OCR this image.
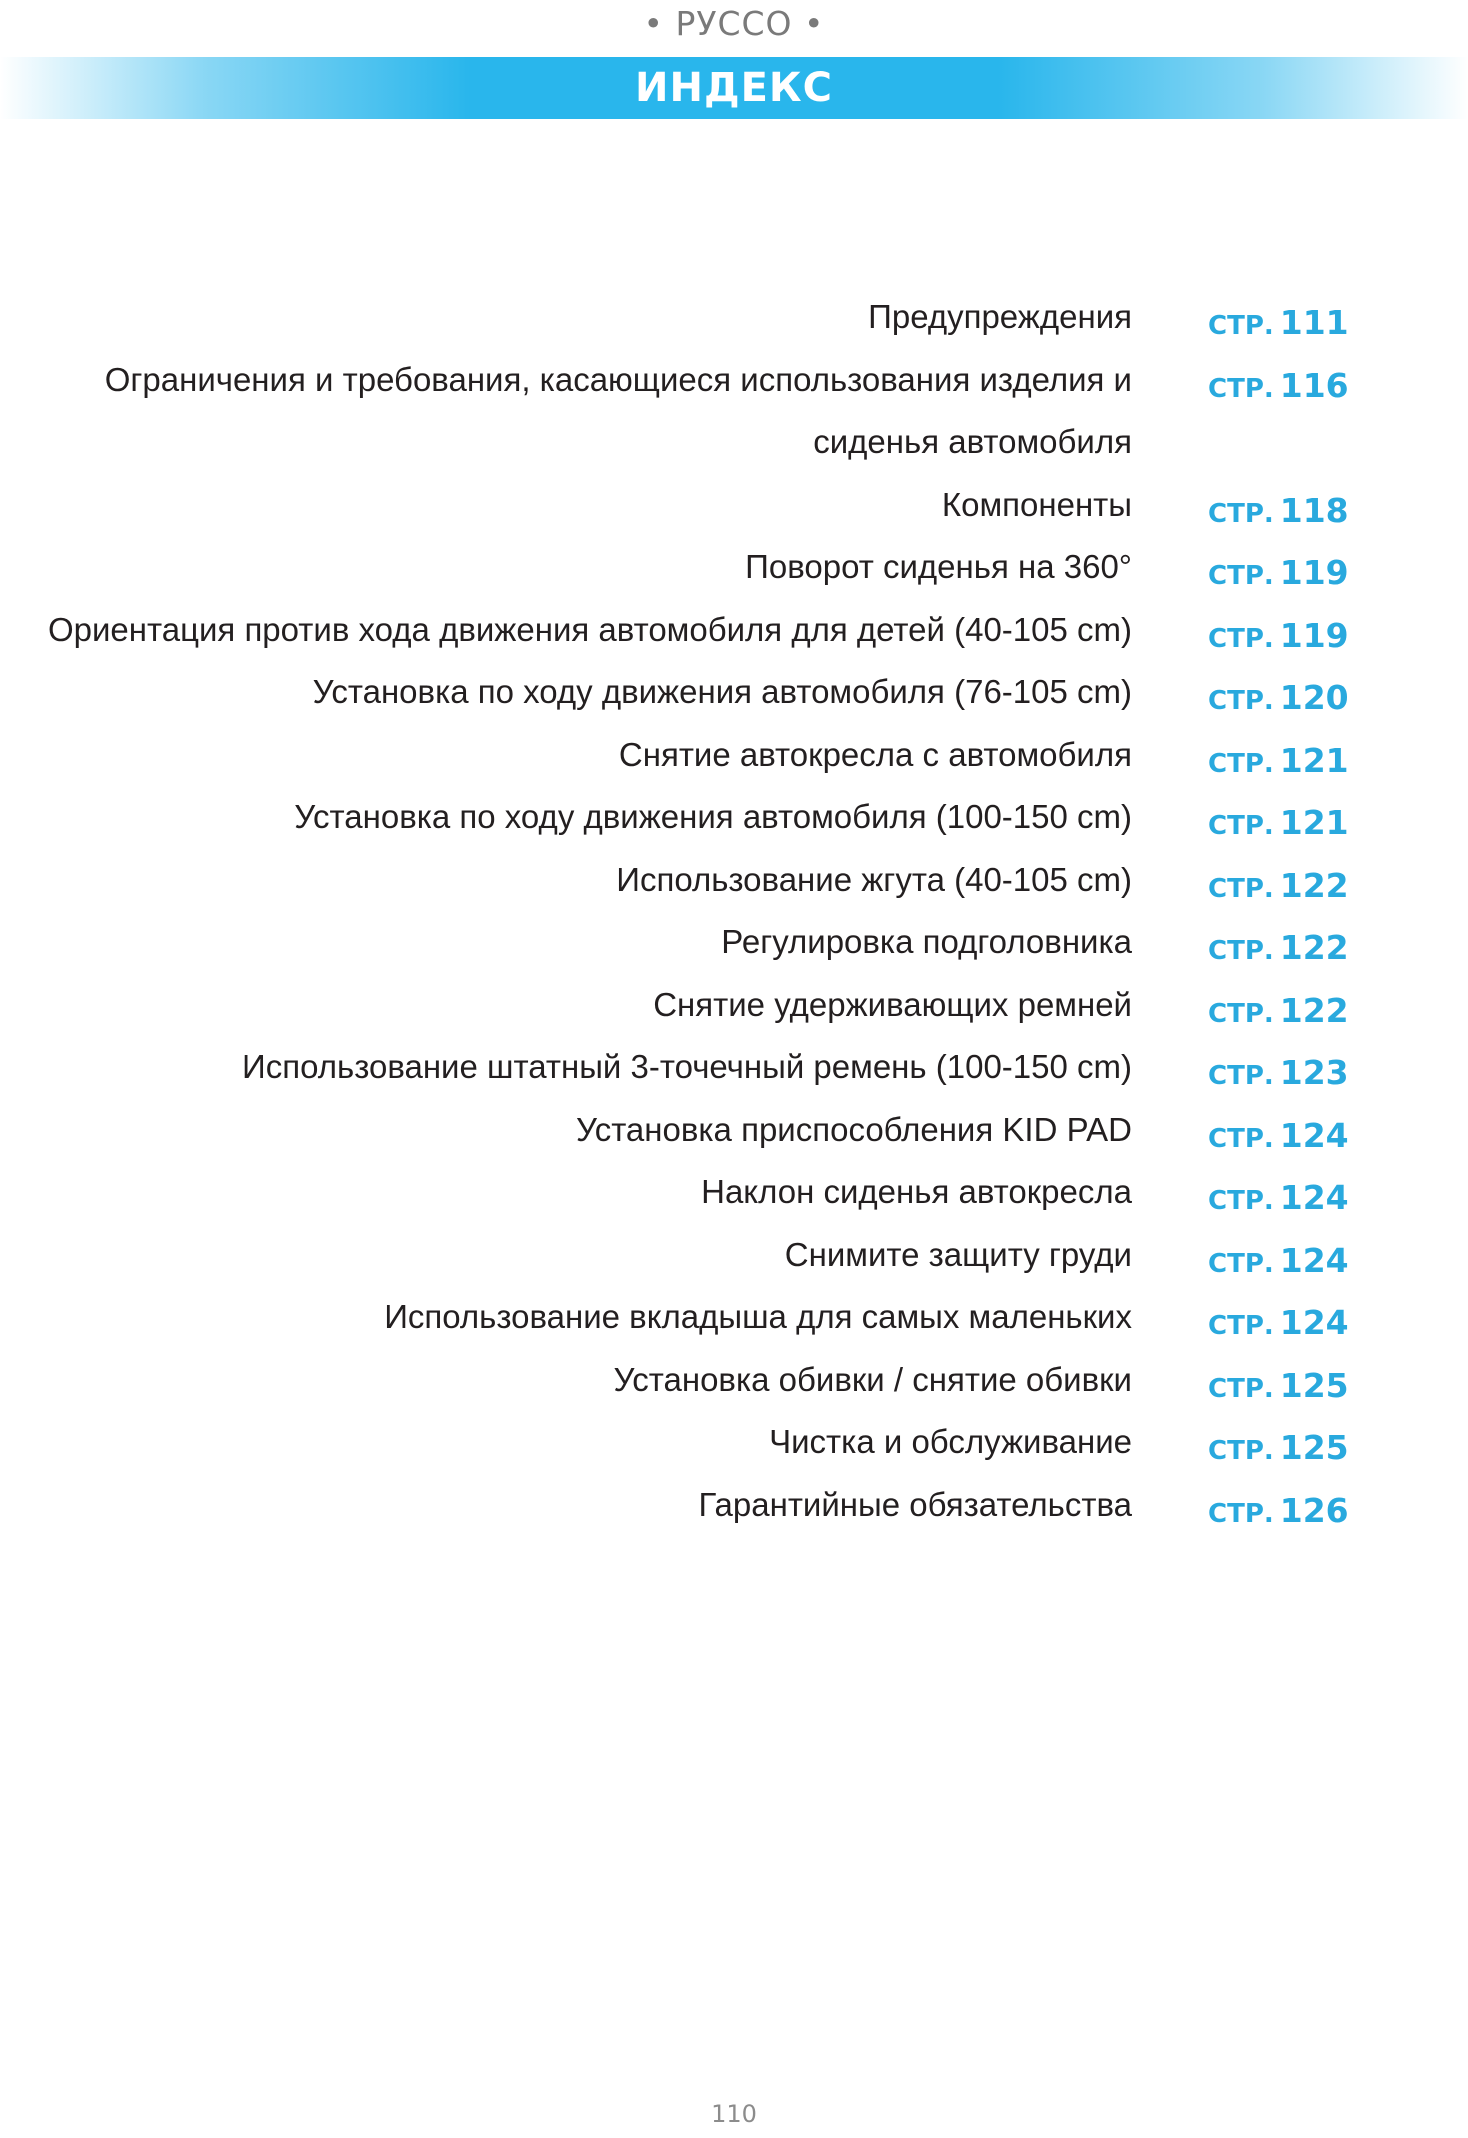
• РУССО •
ИНДЕКС
Предупреждения	СТР. 111
Ограничения и требования, касающиеся использования изделия и	СТР. 116
сиденья автомобиля
Компоненты	СТР. 118
Поворот сиденья на 360°	СТР. 119
Ориентация против хода движения автомобиля для детей (40-105 cm)	СТР. 119
Установка по ходу движения автомобиля (76-105 cm)	СТР. 120
Снятие автокресла с автомобиля	СТР. 121
Установка по ходу движения автомобиля (100-150 cm)	СТР. 121
Использование жгута (40-105 cm)	СТР. 122
Регулировка подголовника	СТР. 122
Снятие удерживающих ремней	СТР. 122
Использование штатный 3-точечный ремень (100-150 cm)	СТР. 123
Установка приспособления KID PAD	СТР. 124
Наклон сиденья автокресла	СТР. 124
Снимите защиту груди	СТР. 124
Использование вкладыша для самых маленьких	СТР. 124
Установка обивки / снятие обивки	СТР. 125
Чистка и обслуживание	СТР. 125
Гарантийные обязательства	СТР. 126
110
